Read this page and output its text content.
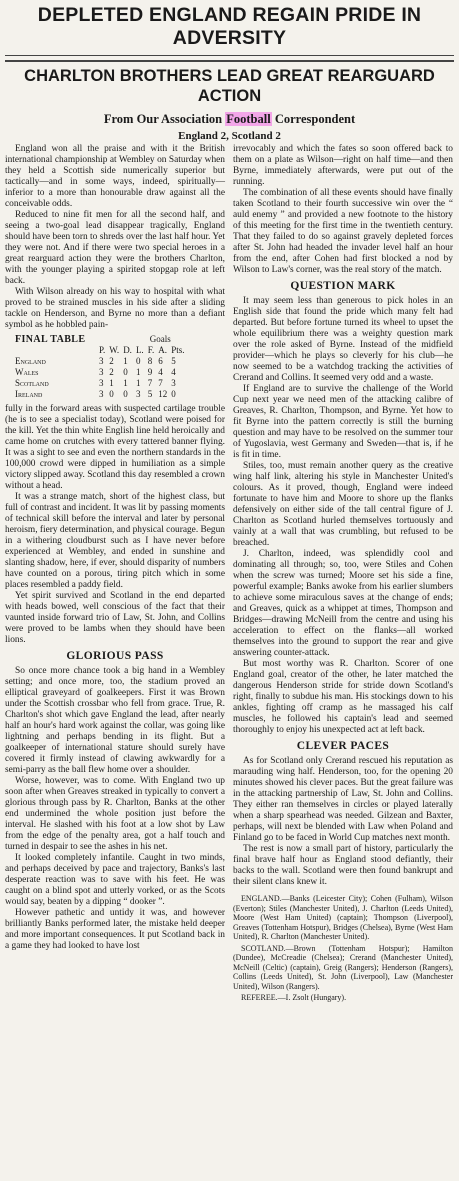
DEPLETED ENGLAND REGAIN PRIDE IN ADVERSITY
CHARLTON BROTHERS LEAD GREAT REARGUARD ACTION
From Our Association Football Correspondent
England 2, Scotland 2

England won all the praise and with it the British international championship at Wembley on Saturday when they held a Scottish side numerically superior but tactically—and in some ways, indeed, spiritually—inferior to a more than honourable draw against all the conceivable odds.

Reduced to nine fit men for all the second half, and seeing a two-goal lead disappear tragically, England should have been torn to shreds over the last half hour. Yet they were not. And if there were two special heroes in a great rearguard action they were the brothers Charlton, with the younger playing a spirited stopgap role at left back.

With Wilson already on his way to hospital with what proved to be strained muscles in his side after a sliding tackle on Henderson, and Byrne no more than a defiant symbol as he hobbled pain-

FINAL TABLE				Goals			
	P.	W.	D.	L.	F.	A.	Pts.
England	3	2	1	0	8	6	5
Wales	3	2	0	1	9	4	4
Scotland	3	1	1	1	7	7	3
Ireland	3	0	0	3	5	12	0

fully in the forward areas with suspected cartilage trouble (he is to see a specialist today), Scotland were poised for the kill. Yet the thin white English line held heroically and came home on crutches with every tattered banner flying. It was a sight to see and even the northern standards in the 100,000 crowd were dipped in humiliation as a simple victory slipped away. Scotland this day resembled a crown without a head.

It was a strange match, short of the highest class, but full of contrast and incident. It was lit by passing moments of technical skill before the interval and later by personal heroism, fiery determination, and physical courage. Begun in a withering cloudburst such as I have never before experienced at Wembley, and ended in sunshine and slanting shadow, here, if ever, should disparity of numbers have counted on a porous, tiring pitch which in some places resembled a paddy field.

Yet spirit survived and Scotland in the end departed with heads bowed, well conscious of the fact that their vaunted inside forward trio of Law, St. John, and Collins were proved to be lambs when they should have been lions.

GLORIOUS PASS

So once more chance took a big hand in a Wembley setting; and once more, too, the stadium proved an elliptical graveyard of goalkeepers. First it was Brown under the Scottish crossbar who fell from grace. True, R. Charlton's shot which gave England the lead, after nearly half an hour's hard work against the collar, was going like lightning and perhaps bending in its flight. But a goalkeeper of international stature should surely have covered it firmly instead of clawing awkwardly for a semi-parry as the ball flew home over a shoulder.

Worse, however, was to come. With England two up soon after when Greaves streaked in typically to convert a glorious through pass by R. Charlton, Banks at the other end undermined the whole position just before the interval. He slashed with his foot at a low shot by Law from the edge of the penalty area, got a half touch and turned in despair to see the ashes in his net.

It looked completely infantile. Caught in two minds, and perhaps deceived by pace and trajectory, Banks's last desperate reaction was to save with his feet. He was caught on a blind spot and utterly vorked, or as the Scots would say, beaten by a dipping “ dooker ”.

However pathetic and untidy it was, and however brilliantly Banks performed later, the mistake held deeper and more important consequences. It put Scotland back in a game they had looked to have lost

irrevocably and which the fates so soon offered back to them on a plate as Wilson—right on half time—and then Byrne, immediately afterwards, were put out of the running.

The combination of all these events should have finally taken Scotland to their fourth successive win over the “ auld enemy ” and provided a new footnote to the history of this meeting for the first time in the twentieth century. That they failed to do so against gravely depleted forces after St. John had headed the invader level half an hour from the end, after Cohen had first blocked a nod by Wilson to Law's corner, was the real story of the match.

QUESTION MARK

It may seem less than generous to pick holes in an English side that found the pride which many felt had departed. But before fortune turned its wheel to upset the whole equilibrium there was a weighty question mark over the role asked of Byrne. Instead of the midfield provider—which he plays so cleverly for his club—he now seemed to be a watchdog tracking the activities of Crerand and Collins. It seemed very odd and a waste.

If England are to survive the challenge of the World Cup next year we need men of the attacking calibre of Greaves, R. Charlton, Thompson, and Byrne. Yet how to fit Byrne into the pattern correctly is still the burning question and may have to be resolved on the summer tour of Yugoslavia, west Germany and Sweden—that is, if he is fit in time.

Stiles, too, must remain another query as the creative wing half link, altering his style in Manchester United's colours. As it proved, though, England were indeed fortunate to have him and Moore to shore up the flanks defensively on either side of the tall central figure of J. Charlton as Scotland hurled themselves tortuously and vainly at a wall that was crumbling, but refused to be breached.

J. Charlton, indeed, was splendidly cool and dominating all through; so, too, were Stiles and Cohen when the screw was turned; Moore set his side a fine, powerful example; Banks awoke from his earlier slumbers to achieve some miraculous saves at the change of ends; and Greaves, quick as a whippet at times, Thompson and Bridges—drawing McNeill from the centre and using his acceleration to effect on the flanks—all worked themselves into the ground to support the rear and give answering counter-attack.

But most worthy was R. Charlton. Scorer of one England goal, creator of the other, he later matched the dangerous Henderson stride for stride down Scotland's right, finally to subdue his man. His stockings down to his ankles, fighting off cramp as he massaged his calf muscles, he followed his captain's lead and seemed thoroughly to enjoy his unexpected act at left back.

CLEVER PACES

As for Scotland only Crerand rescued his reputation as marauding wing half. Henderson, too, for the opening 20 minutes showed his clever paces. But the great failure was in the attacking partnership of Law, St. John and Collins. They either ran themselves in circles or played laterally when a sharp spearhead was needed. Gilzean and Baxter, perhaps, will next be blended with Law when Poland and Finland go to be faced in World Cup matches next month.

The rest is now a small part of history, particularly the final brave half hour as England stood defiantly, their backs to the wall. Scotland were then found bankrupt and their silent clans knew it.

ENGLAND.—Banks (Leicester City); Cohen (Fulham), Wilson (Everton); Stiles (Manchester United), J. Charlton (Leeds United), Moore (West Ham United) (captain); Thompson (Liverpool), Greaves (Tottenham Hotspur), Bridges (Chelsea), Byrne (West Ham United), R. Charlton (Manchester United).

SCOTLAND.—Brown (Tottenham Hotspur); Hamilton (Dundee), McCreadie (Chelsea); Crerand (Manchester United), McNeill (Celtic) (captain), Greig (Rangers); Henderson (Rangers), Collins (Leeds United), St. John (Liverpool), Law (Manchester United), Wilson (Rangers).

REFEREE.—I. Zsolt (Hungary).
